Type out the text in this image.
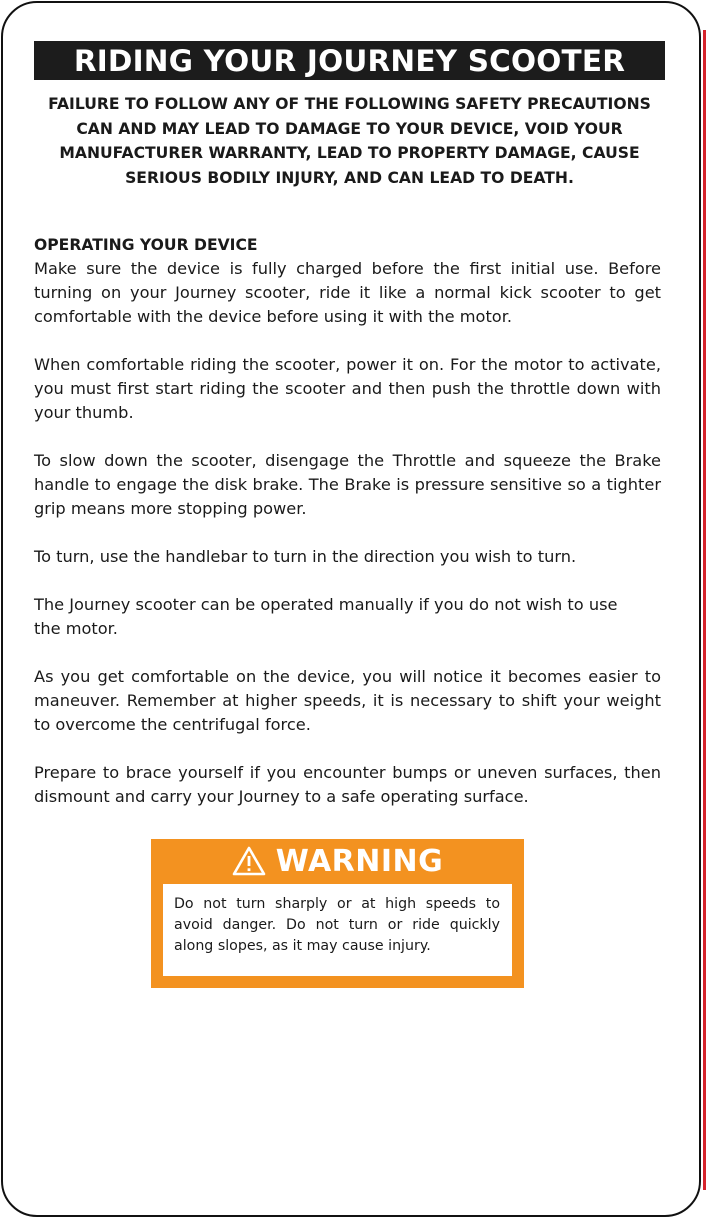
RIDING YOUR JOURNEY SCOOTER

FAILURE TO FOLLOW ANY OF THE FOLLOWING SAFETY PRECAUTIONS CAN AND MAY LEAD TO DAMAGE TO YOUR DEVICE, VOID YOUR MANUFACTURER WARRANTY, LEAD TO PROPERTY DAMAGE, CAUSE SERIOUS BODILY INJURY, AND CAN LEAD TO DEATH.

OPERATING YOUR DEVICE

Make sure the device is fully charged before the first initial use. Before turning on your Journey scooter, ride it like a normal kick scooter to get comfortable with the device before using it with the motor.

When comfortable riding the scooter, power it on. For the motor to activate, you must first start riding the scooter and then push the throttle down with your thumb.

To slow down the scooter, disengage the Throttle and squeeze the Brake handle to engage the disk brake. The Brake is pressure sensitive so a tighter grip means more stopping power.

To turn, use the handlebar to turn in the direction you wish to turn.

The Journey scooter can be operated manually if you do not wish to use the motor.

As you get comfortable on the device, you will notice it becomes easier to maneuver. Remember at higher speeds, it is necessary to shift your weight to overcome the centrifugal force.

Prepare to brace yourself if you encounter bumps or uneven surfaces, then dismount and carry your Journey to a safe operating surface.

WARNING
Do not turn sharply or at high speeds to avoid danger. Do not turn or ride quickly along slopes, as it may cause injury.
